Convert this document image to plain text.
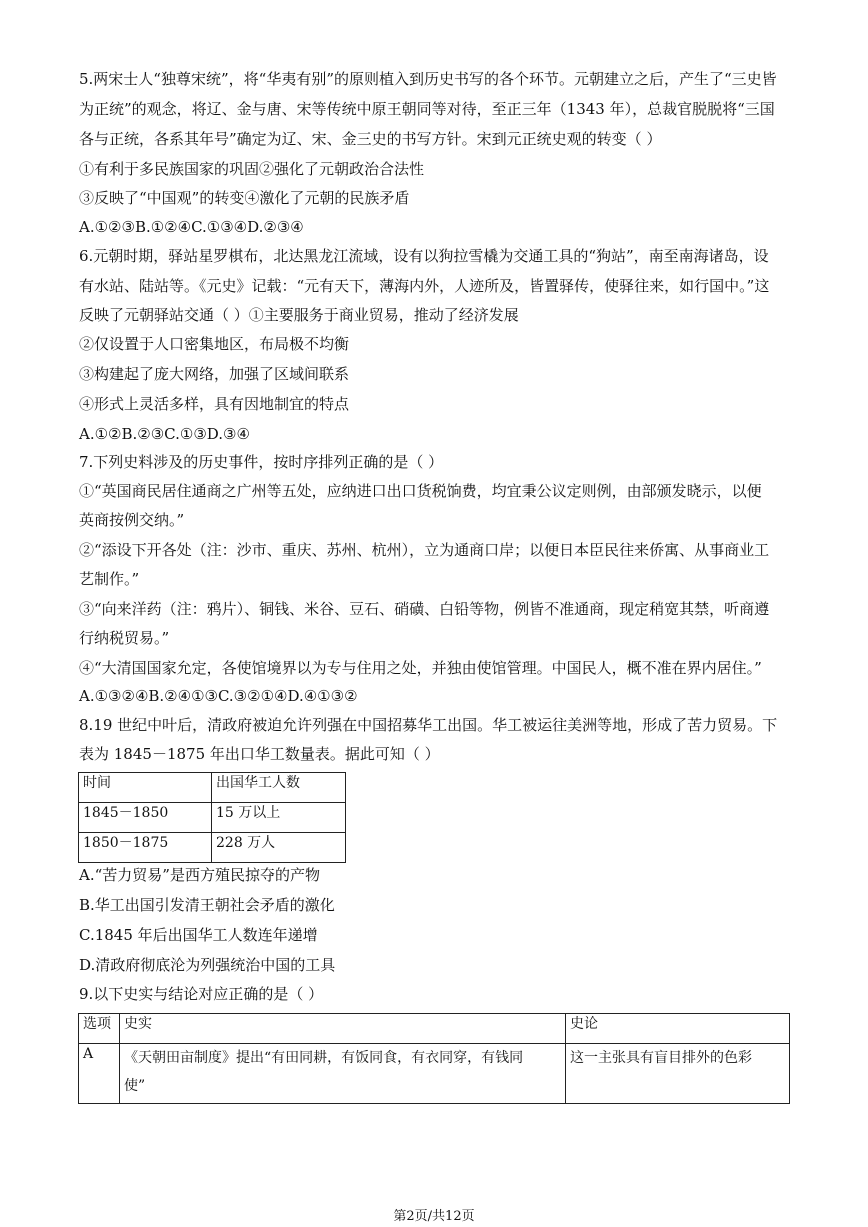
5.两宋士人“独尊宋统”，将“华夷有别”的原则植入到历史书写的各个环节。元朝建立之后，产生了“三史皆
为正统”的观念，将辽、金与唐、宋等传统中原王朝同等对待，至正三年（1343 年），总裁官脱脱将“三国
各与正统，各系其年号”确定为辽、宋、金三史的书写方针。宋到元正统史观的转变（ ）
①有利于多民族国家的巩固②强化了元朝政治合法性
③反映了“中国观”的转变④激化了元朝的民族矛盾
A.①②③B.①②④C.①③④D.②③④
6.元朝时期，驿站星罗棋布，北达黑龙江流域，设有以狗拉雪橇为交通工具的“狗站”，南至南海诸岛，设
有水站、陆站等。《元史》记载：“元有天下，薄海内外，人迹所及，皆置驿传，使驿往来，如行国中。”这
反映了元朝驿站交通（ ）①主要服务于商业贸易，推动了经济发展
②仅设置于人口密集地区，布局极不均衡
③构建起了庞大网络，加强了区域间联系
④形式上灵活多样，具有因地制宜的特点
A.①②B.②③C.①③D.③④
7.下列史料涉及的历史事件，按时序排列正确的是（ ）
①“英国商民居住通商之广州等五处，应纳进口出口货税饷费，均宜秉公议定则例，由部颁发晓示，以便
英商按例交纳。”
②“添设下开各处（注：沙市、重庆、苏州、杭州），立为通商口岸；以便日本臣民往来侨寓、从事商业工
艺制作。”
③“向来洋药（注：鸦片）、铜钱、米谷、豆石、硝磺、白铅等物，例皆不准通商，现定稍宽其禁，听商遵
行纳税贸易。”
④“大清国国家允定，各使馆境界以为专与住用之处，并独由使馆管理。中国民人，概不准在界内居住。”
A.①③②④B.②④①③C.③②①④D.④①③②
8.19 世纪中叶后，清政府被迫允许列强在中国招募华工出国。华工被运往美洲等地，形成了苦力贸易。下
表为 1845－1875 年出口华工数量表。据此可知（ ）
时间	出国华工人数
1845－1850	15 万以上
1850－1875	228 万人
A.“苦力贸易”是西方殖民掠夺的产物
B.华工出国引发清王朝社会矛盾的激化
C.1845 年后出国华工人数连年递增
D.清政府彻底沦为列强统治中国的工具
9.以下史实与结论对应正确的是（ ）
选项	史实	史论
A	《天朝田亩制度》提出“有田同耕，有饭同食，有衣同穿，有钱同
使”	这一主张具有盲目排外的色彩
第2页/共12页
